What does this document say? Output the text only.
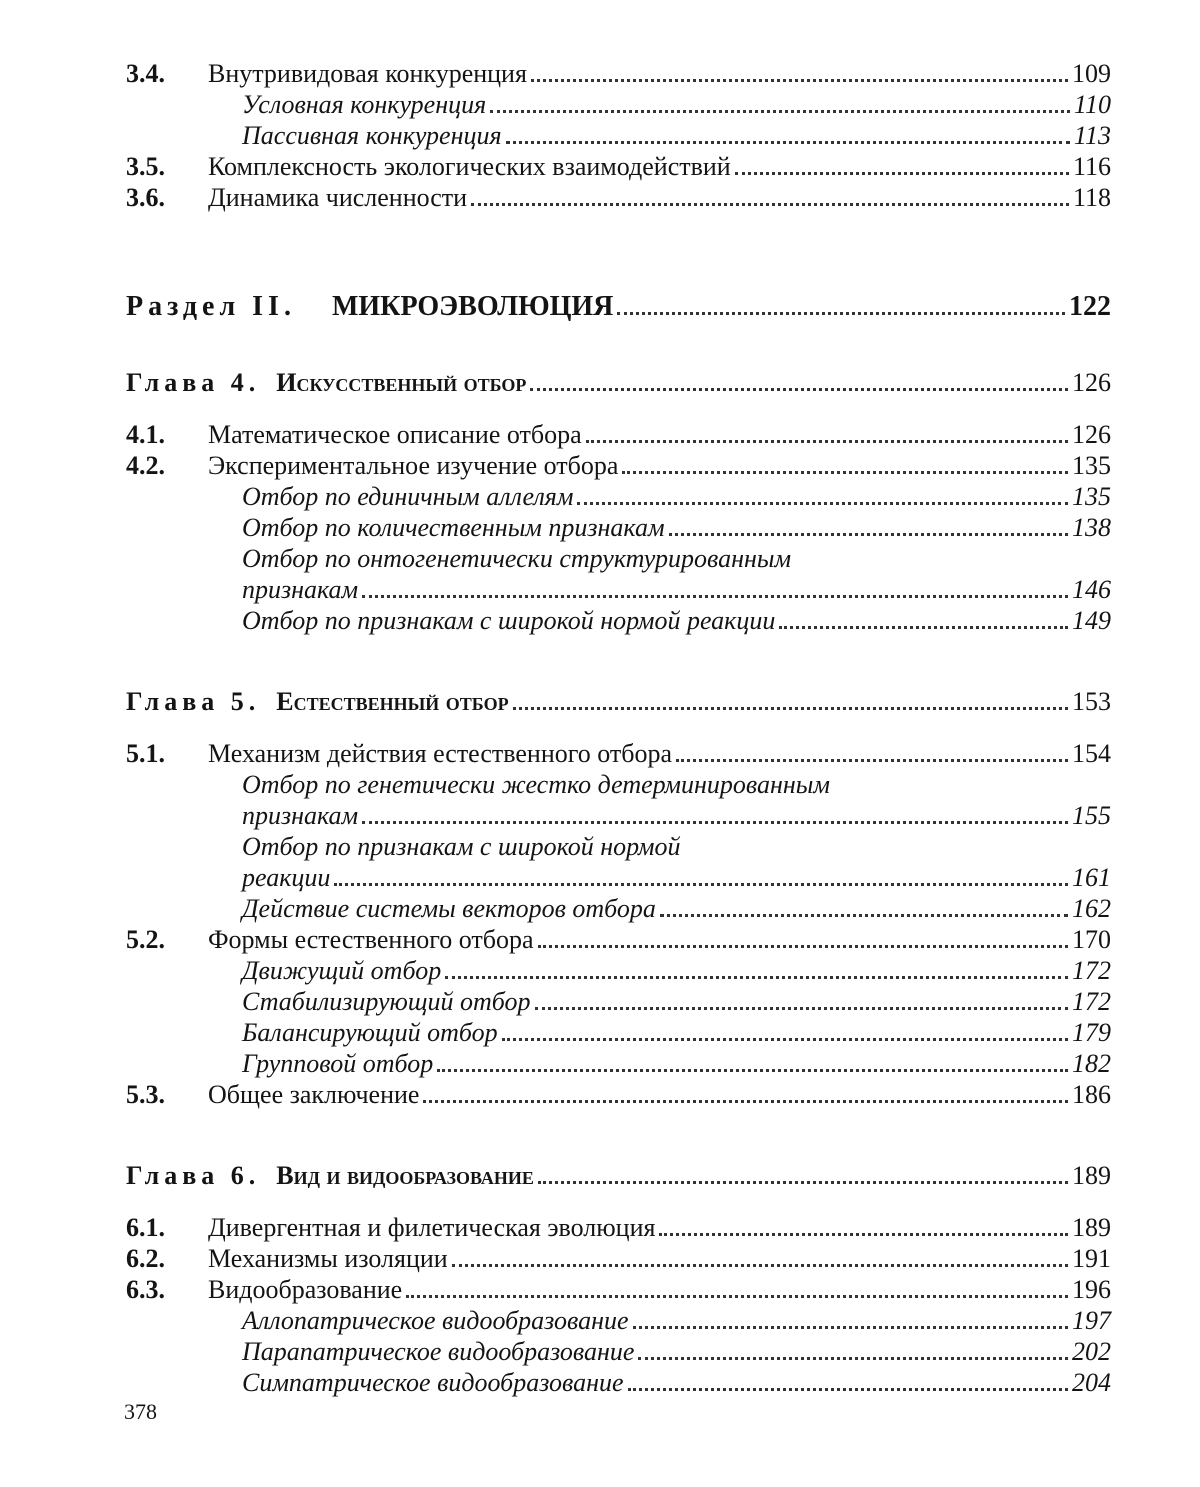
3.4.	Внутривидовая конкуренция	109
Условная конкуренция	110
Пассивная конкуренция	113
3.5.	Комплексность экологических взаимодействий	116
3.6.	Динамика численности	118
Раздел II. МИКРОЭВОЛЮЦИЯ	122
Глава 4. Искусственный отбор	126
4.1.	Математическое описание отбора	126
4.2.	Экспериментальное изучение отбора	135
Отбор по единичным аллелям	135
Отбор по количественным признакам	138
Отбор по онтогенетически структурированным
признакам	146
Отбор по признакам с широкой нормой реакции	149
Глава 5. Естественный отбор	153
5.1.	Механизм действия естественного отбора	154
Отбор по генетически жестко детерминированным
признакам	155
Отбор по признакам с широкой нормой
реакции	161
Действие системы векторов отбора	162
5.2.	Формы естественного отбора	170
Движущий отбор	172
Стабилизирующий отбор	172
Балансирующий отбор	179
Групповой отбор	182
5.3.	Общее заключение	186
Глава 6. Вид и видообразование	189
6.1.	Дивергентная и филетическая эволюция	189
6.2.	Механизмы изоляции	191
6.3.	Видообразование	196
Аллопатрическое видообразование	197
Парапатрическое видообразование	202
Симпатрическое видообразование	204
378
